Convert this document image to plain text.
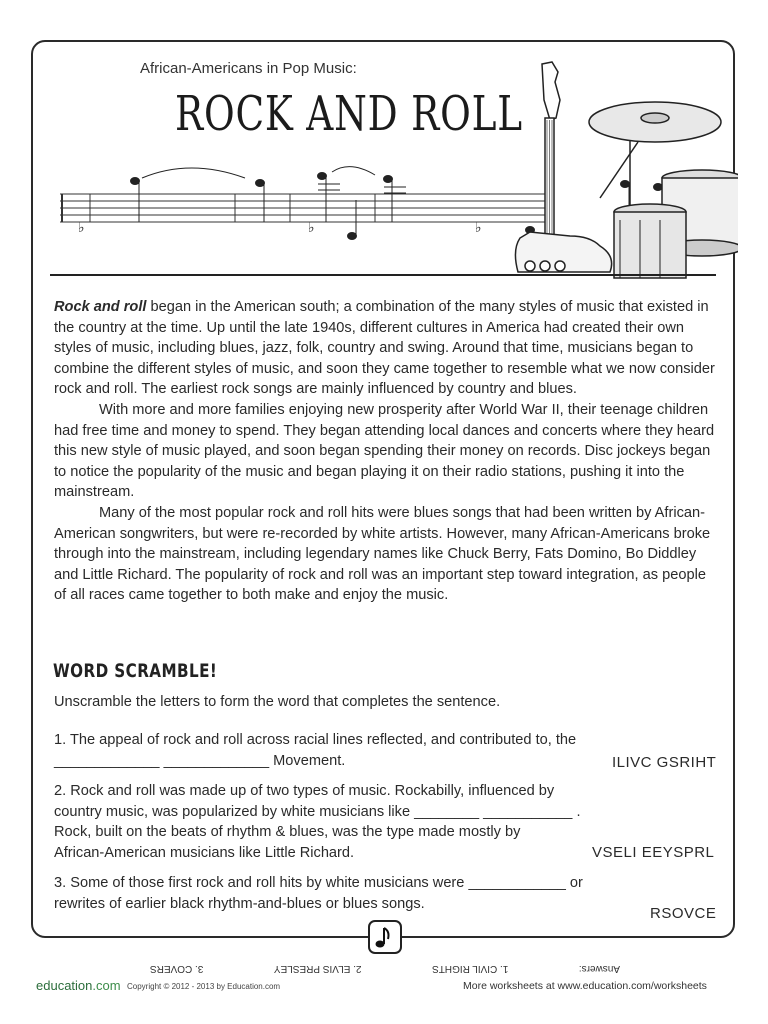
♭	♭	♭
African-Americans in Pop Music:
ROCK AND ROLL

Rock and roll began in the American south; a combination of the many styles of music that existed in the country at the time. Up until the late 1940s, different cultures in America had created their own styles of music, including blues, jazz, folk, country and swing. Around that time, musicians began to combine the different styles of music, and soon they came together to resemble what we now consider rock and roll. The earliest rock songs are mainly influenced by country and blues.

With more and more families enjoying new prosperity after World War II, their teenage children had free time and money to spend. They began attending local dances and concerts where they heard this new style of music played, and soon began spending their money on records. Disc jockeys began to notice the popularity of the music and began playing it on their radio stations, pushing it into the mainstream.

Many of the most popular rock and roll hits were blues songs that had been written by African-American songwriters, but were re-recorded by white artists. However, many African-Americans broke through into the mainstream, including legendary names like Chuck Berry, Fats Domino, Bo Diddley and Little Richard. The popularity of rock and roll was an important step toward integration, as people of all races came together to both make and enjoy the music.

WORD SCRAMBLE!
Unscramble the letters to form the word that completes the sentence.
1. The appeal of rock and roll across racial lines reflected, and contributed to, the
_____________ _____________ Movement.	ILIVC GSRIHT
2. Rock and roll was made up of two types of music. Rockabilly, influenced by
country music, was popularized by white musicians like ________ ___________ .
Rock, built on the beats of rhythm & blues, was the type made mostly by
African-American musicians like Little Richard.	VSELI EEYSPRL
3. Some of those first rock and roll hits by white musicians were ____________ or
rewrites of earlier black rhythm-and-blues or blues songs.
RSOVCE
Answers:
1. CIVIL RIGHTS
2. ELVIS PRESLEY
3. COVERS
education.com Copyright © 2012 - 2013 by Education.com	More worksheets at www.education.com/worksheets
